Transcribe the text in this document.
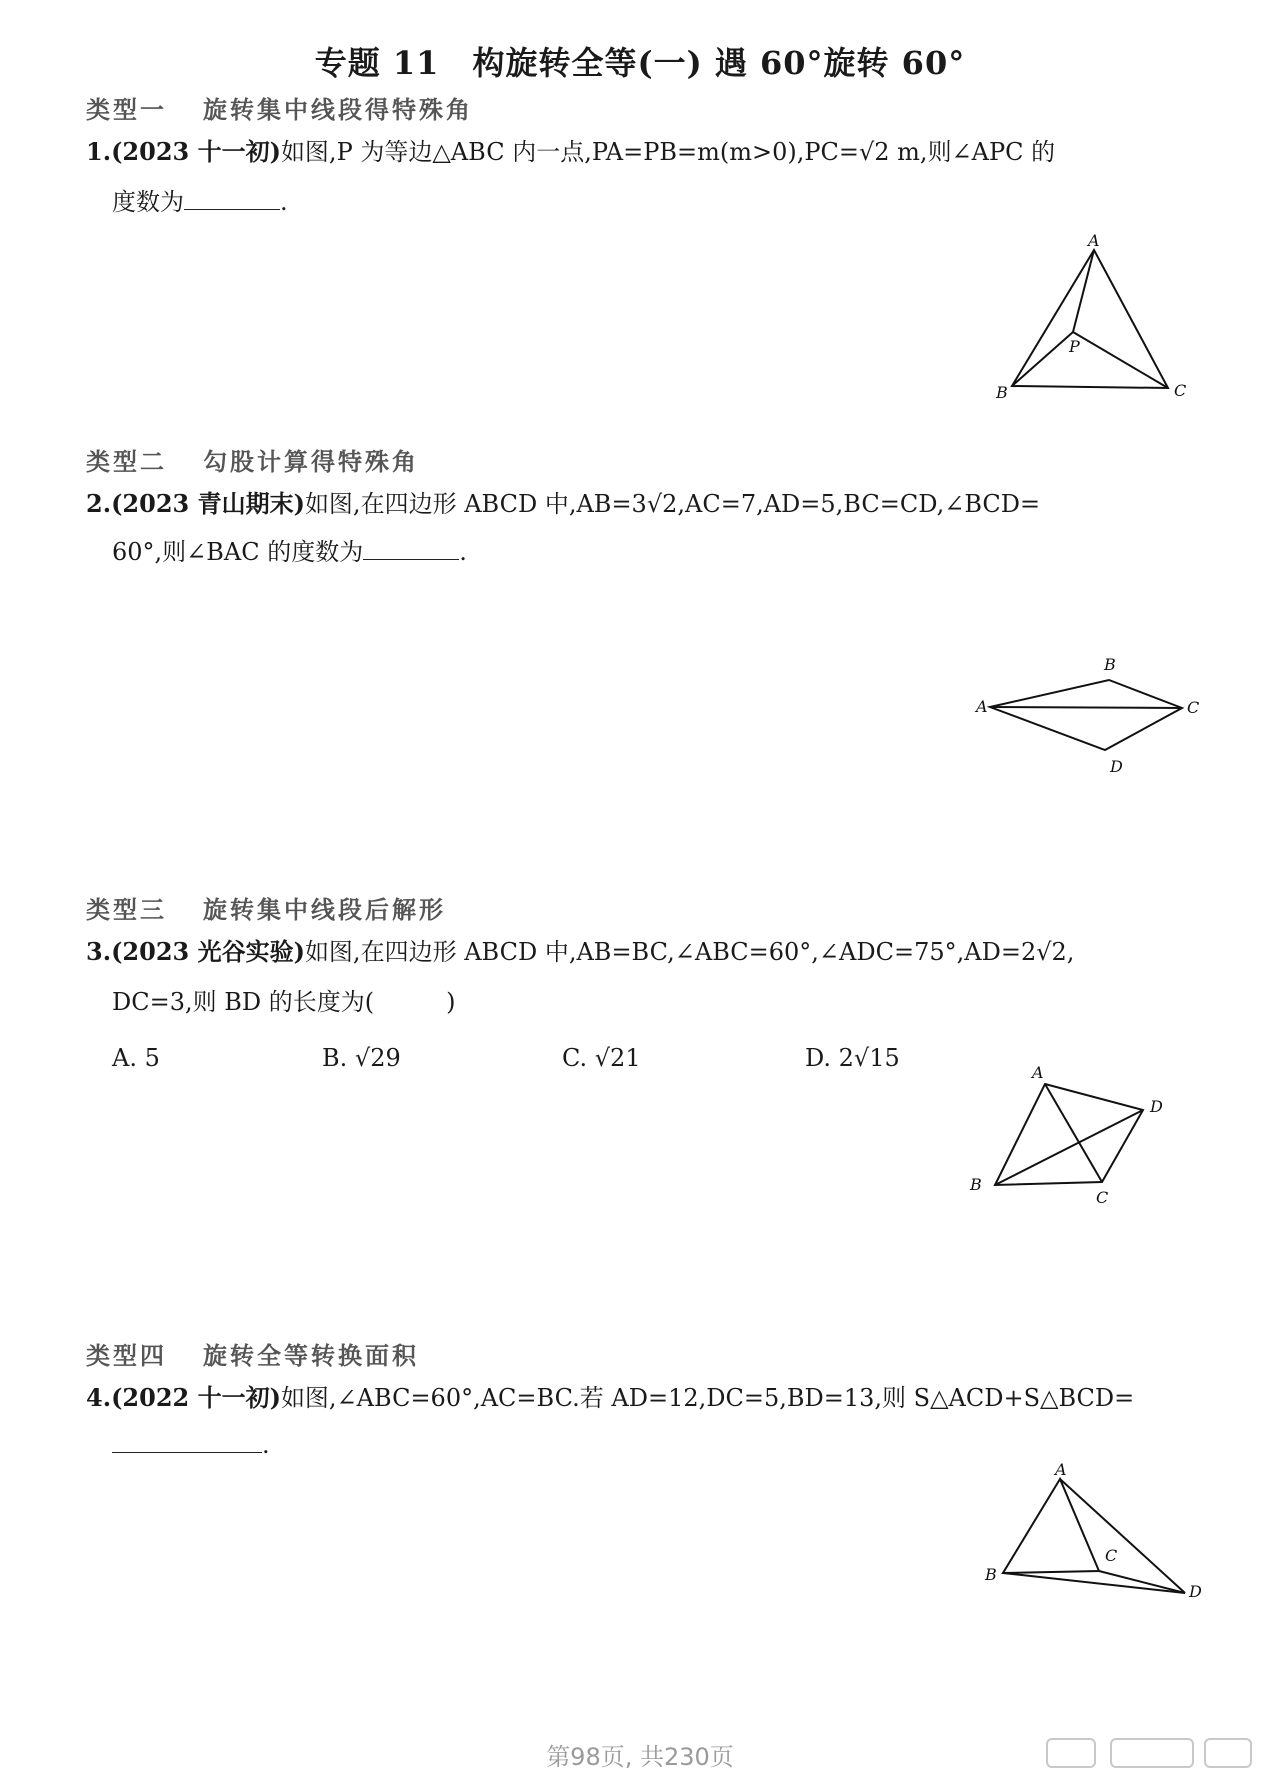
专题 11　构旋转全等(一) 遇 60°旋转 60°
类型一 旋转集中线段得特殊角
1.(2023 十一初)如图,P 为等边△ABC 内一点,PA=PB=m(m>0),PC=√2 m,则∠APC 的
度数为	.
A
B	C
P
类型二 勾股计算得特殊角
2.(2023 青山期末)如图,在四边形 ABCD 中,AB=3√2,AC=7,AD=5,BC=CD,∠BCD=
60°,则∠BAC 的度数为	.
B
A	C
D
类型三 旋转集中线段后解形
3.(2023 光谷实验)如图,在四边形 ABCD 中,AB=BC,∠ABC=60°,∠ADC=75°,AD=2√2,
DC=3,则 BD 的长度为(　　　)
A. 5	B. √29	C. √21	D. 2√15
A
D
C
B
类型四 旋转全等转换面积
4.(2022 十一初)如图,∠ABC=60°,AC=BC.若 AD=12,DC=5,BD=13,则 S△ACD+S△BCD=
.
A
B
C
D
第98页, 共230页
